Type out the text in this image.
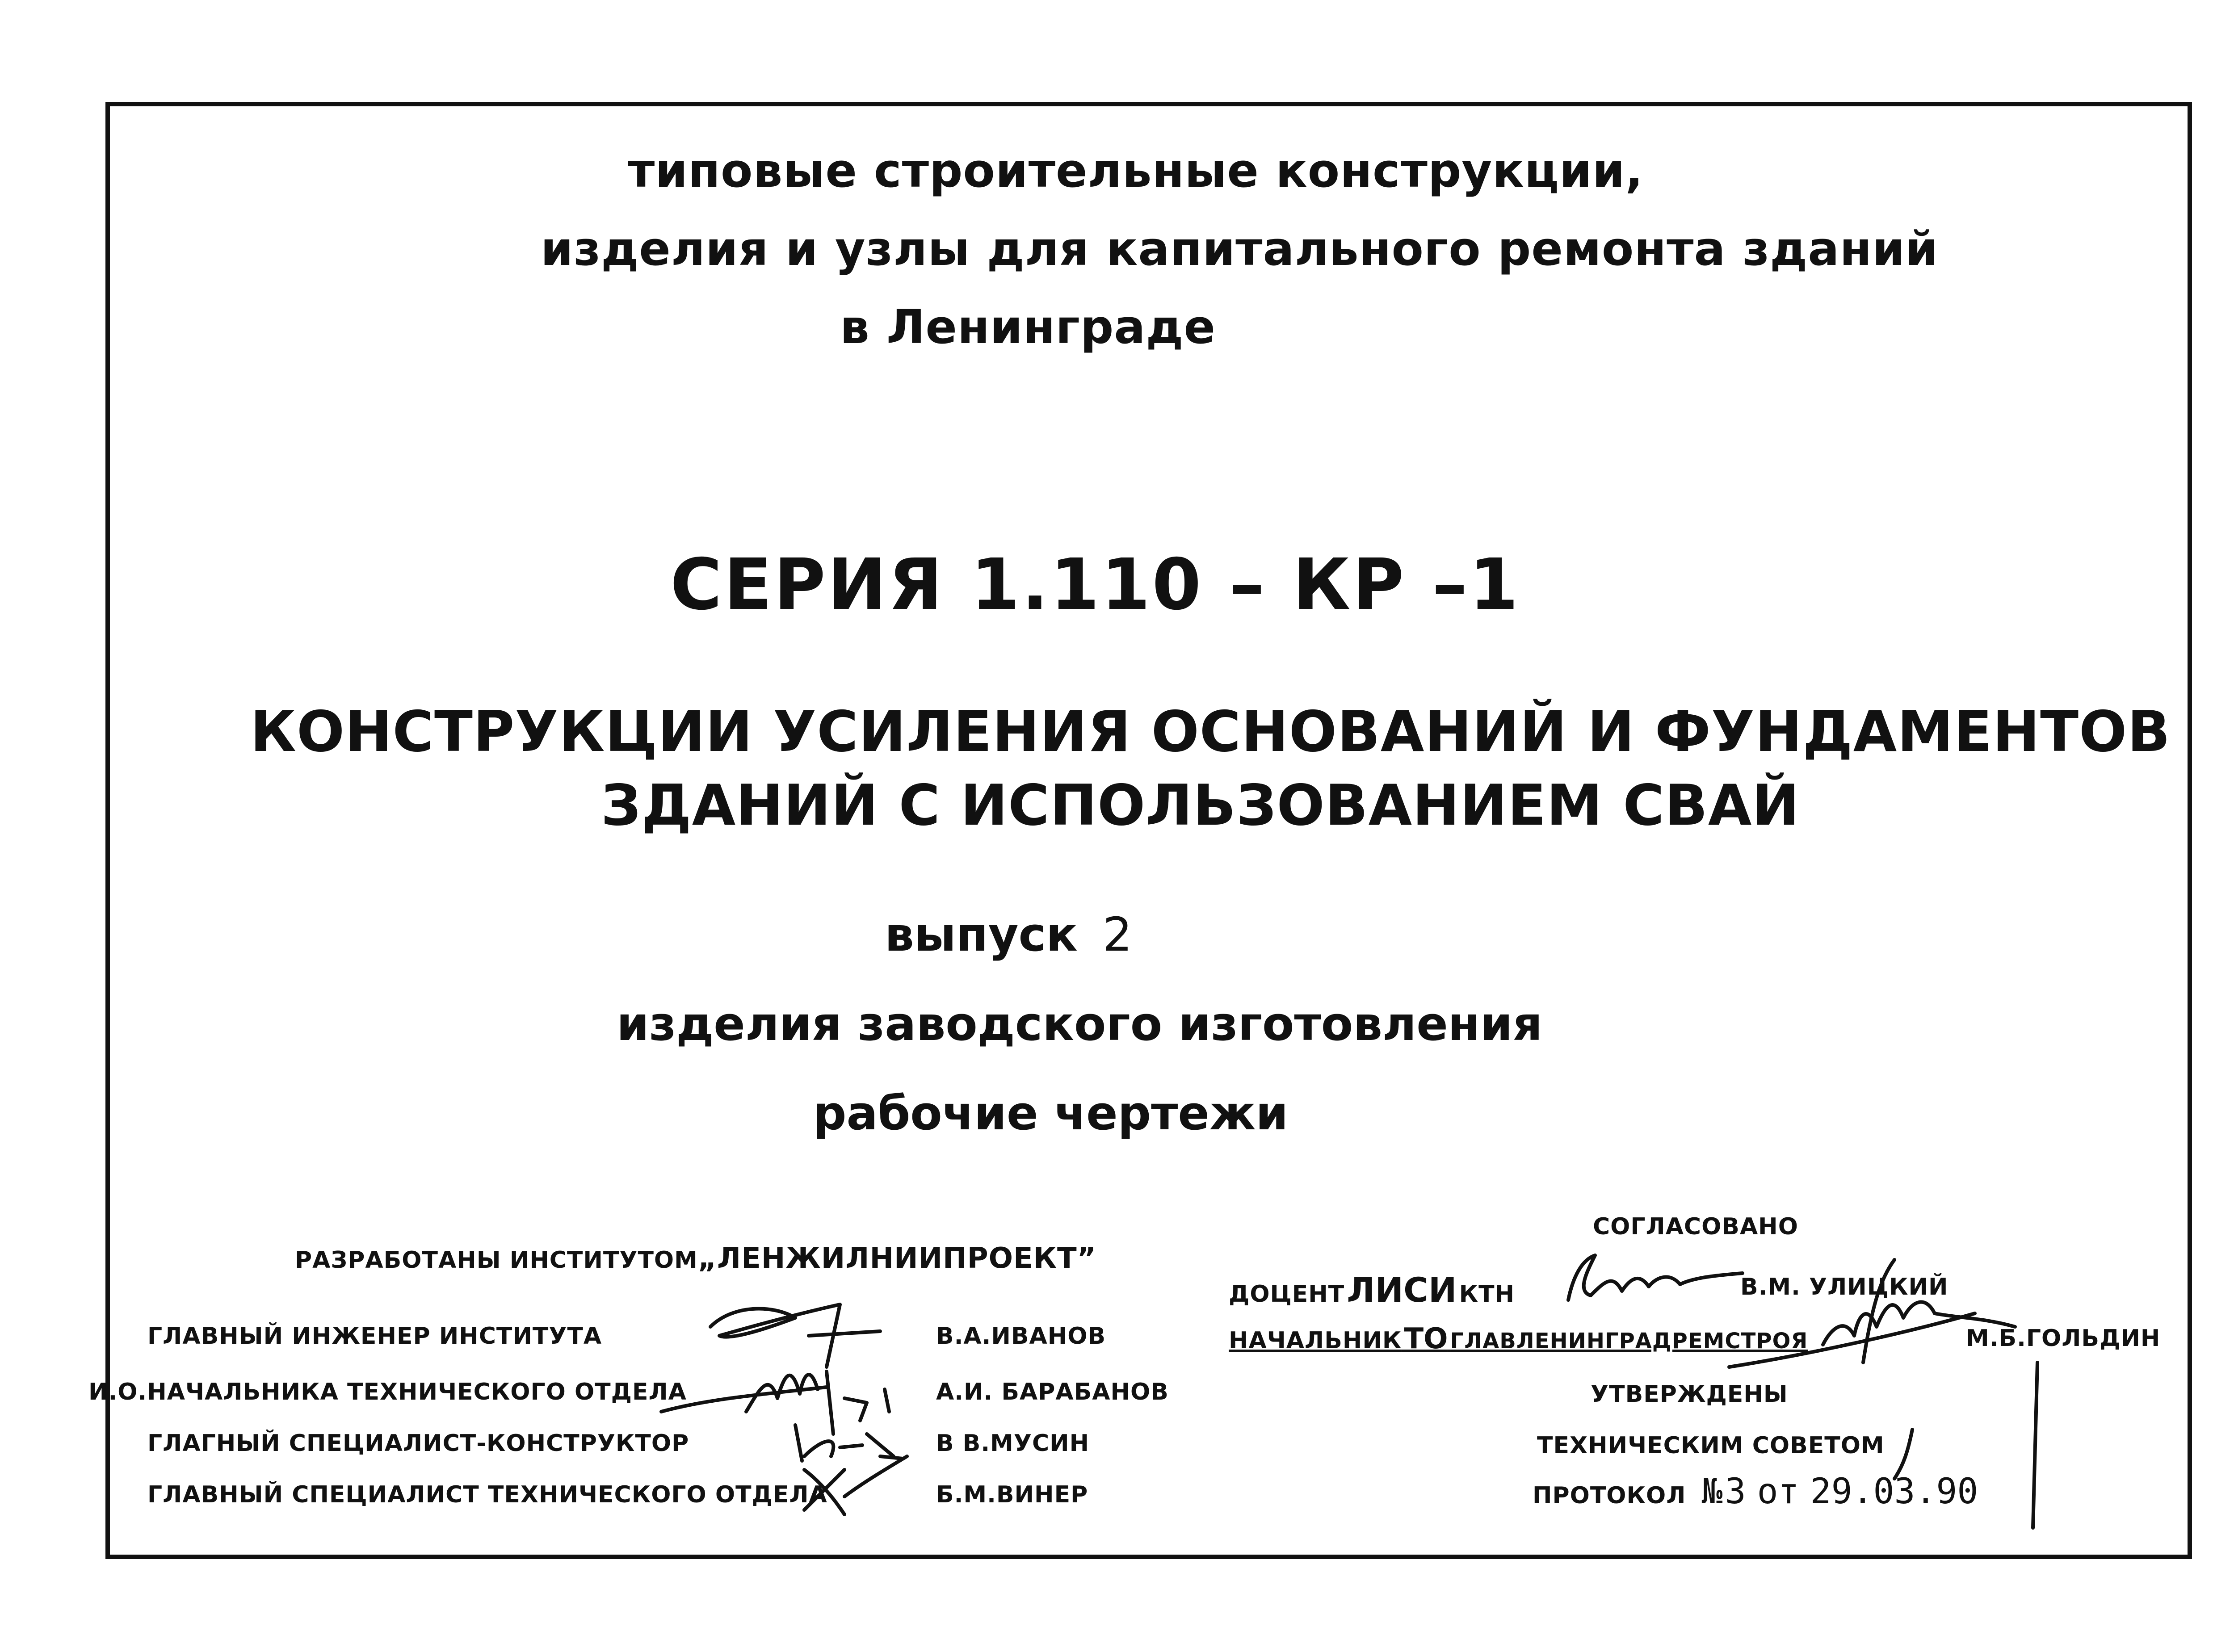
типовые строительные конструкции,
изделия и узлы для капитального ремонта зданий
в Ленинграде
СЕРИЯ 1.110 – КР –1
КОНСТРУКЦИИ УСИЛЕНИЯ ОСНОВАНИЙ И ФУНДАМЕНТОВ
ЗДАНИЙ С ИСПОЛЬЗОВАНИЕМ СВАЙ
выпуск 2
изделия заводского изготовления
рабочие чертежи
РАЗРАБОТАНЫ ИНСТИТУТОМ„ЛЕНЖИЛНИИПРОЕКТ”
ГЛАВНЫЙ ИНЖЕНЕР ИНСТИТУТА	В.А.ИВАНОВ
И.О.НАЧАЛЬНИКА ТЕХНИЧЕСКОГО ОТДЕЛА	А.И. БАРАБАНОВ
ГЛАГНЫЙ СПЕЦИАЛИСТ-КОНСТРУКТОР	В В.МУСИН
ГЛАВНЫЙ СПЕЦИАЛИСТ ТЕХНИЧЕСКОГО ОТДЕЛА	Б.М.ВИНЕР
СОГЛАСОВАНО
ДОЦЕНТ ЛИСИ КТН	В.М. УЛИЦКИЙ
НАЧАЛЬНИК ТО ГЛАВЛЕНИНГРАДРЕМСТРОЯ	М.Б.ГОЛЬДИН
УТВЕРЖДЕНЫ
ТЕХНИЧЕСКИМ СОВЕТОМ
ПРОТОКОЛ № 3 от 29.03.90
